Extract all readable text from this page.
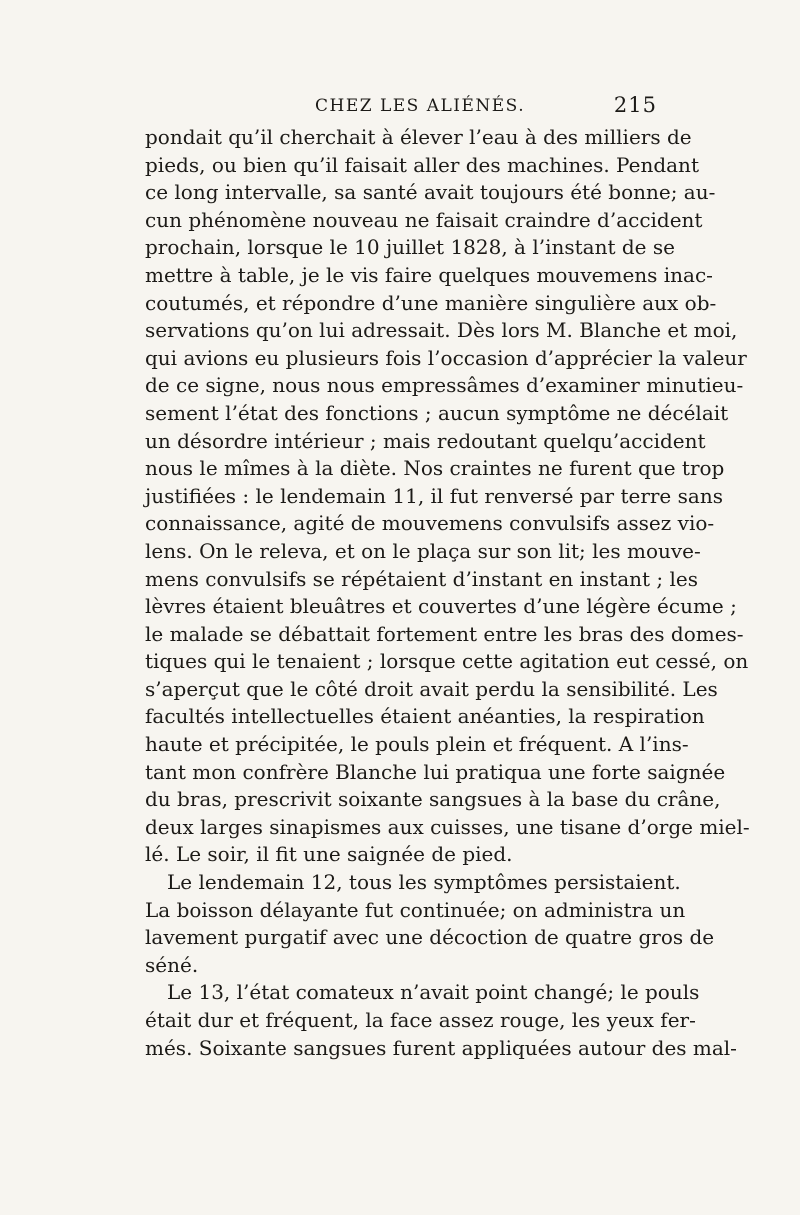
CHEZ LES ALIÉNÉS.	215
pondait qu’il cherchait à élever l’eau à des milliers de
pieds, ou bien qu’il faisait aller des machines. Pendant
ce long intervalle, sa santé avait toujours été bonne; au-
cun phénomène nouveau ne faisait craindre d’accident
prochain, lorsque le 10 juillet 1828, à l’instant de se
mettre à table, je le vis faire quelques mouvemens inac-
coutumés, et répondre d’une manière singulière aux ob-
servations qu’on lui adressait. Dès lors M. Blanche et moi,
qui avions eu plusieurs fois l’occasion d’apprécier la valeur
de ce signe, nous nous empressâmes d’examiner minutieu-
sement l’état des fonctions ; aucun symptôme ne décélait
un désordre intérieur ; mais redoutant quelqu’accident
nous le mîmes à la diète. Nos craintes ne furent que trop
justifiées : le lendemain 11, il fut renversé par terre sans
connaissance, agité de mouvemens convulsifs assez vio-
lens. On le releva, et on le plaça sur son lit; les mouve-
mens convulsifs se répétaient d’instant en instant ; les
lèvres étaient bleuâtres et couvertes d’une légère écume ;
le malade se débattait fortement entre les bras des domes-
tiques qui le tenaient ; lorsque cette agitation eut cessé, on
s’aperçut que le côté droit avait perdu la sensibilité. Les
facultés intellectuelles étaient anéanties, la respiration
haute et précipitée, le pouls plein et fréquent. A l’ins-
tant mon confrère Blanche lui pratiqua une forte saignée
du bras, prescrivit soixante sangsues à la base du crâne,
deux larges sinapismes aux cuisses, une tisane d’orge miel-
lé. Le soir, il fit une saignée de pied.
Le lendemain 12, tous les symptômes persistaient.
La boisson délayante fut continuée; on administra un
lavement purgatif avec une décoction de quatre gros de
séné.
Le 13, l’état comateux n’avait point changé; le pouls
était dur et fréquent, la face assez rouge, les yeux fer-
més. Soixante sangsues furent appliquées autour des mal-
